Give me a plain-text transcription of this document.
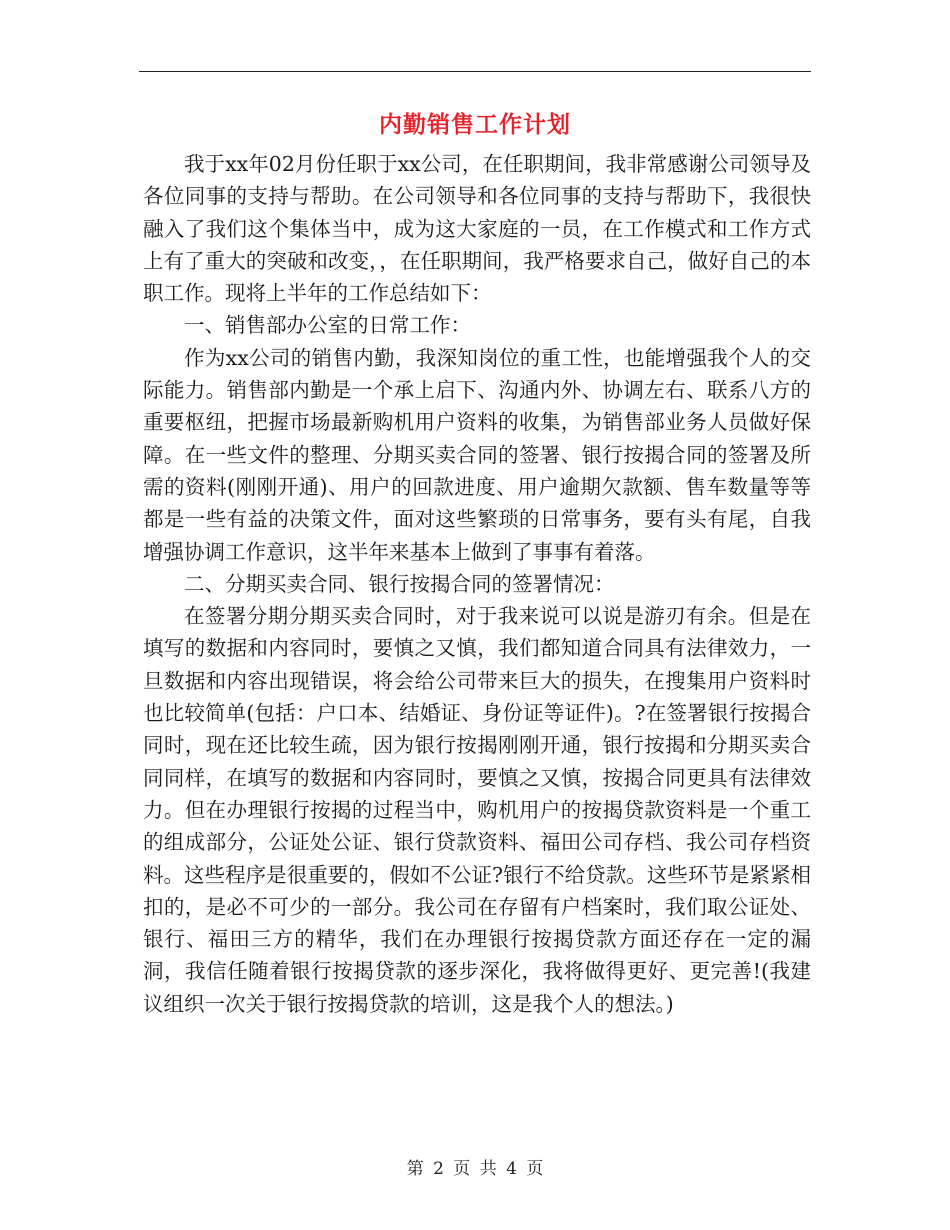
内勤销售工作计划

我于xx年02月份任职于xx公司，在任职期间，我非常感谢公司领导及各位同事的支持与帮助。在公司领导和各位同事的支持与帮助下，我很快融入了我们这个集体当中，成为这大家庭的一员，在工作模式和工作方式上有了重大的突破和改变，，在任职期间，我严格要求自己，做好自己的本职工作。现将上半年的工作总结如下：

一、销售部办公室的日常工作：

作为xx公司的销售内勤，我深知岗位的重工性，也能增强我个人的交际能力。销售部内勤是一个承上启下、沟通内外、协调左右、联系八方的重要枢纽，把握市场最新购机用户资料的收集，为销售部业务人员做好保障。在一些文件的整理、分期买卖合同的签署、银行按揭合同的签署及所需的资料(刚刚开通)、用户的回款进度、用户逾期欠款额、售车数量等等都是一些有益的决策文件，面对这些繁琐的日常事务，要有头有尾，自我增强协调工作意识，这半年来基本上做到了事事有着落。

二、分期买卖合同、银行按揭合同的签署情况：

在签署分期分期买卖合同时，对于我来说可以说是游刃有余。但是在填写的数据和内容同时，要慎之又慎，我们都知道合同具有法律效力，一旦数据和内容出现错误，将会给公司带来巨大的损失，在搜集用户资料时也比较简单(包括：户口本、结婚证、身份证等证件)。?在签署银行按揭合同时，现在还比较生疏，因为银行按揭刚刚开通，银行按揭和分期买卖合同同样，在填写的数据和内容同时，要慎之又慎，按揭合同更具有法律效力。但在办理银行按揭的过程当中，购机用户的按揭贷款资料是一个重工的组成部分，公证处公证、银行贷款资料、福田公司存档、我公司存档资料。这些程序是很重要的，假如不公证?银行不给贷款。这些环节是紧紧相扣的，是必不可少的一部分。我公司在存留有户档案时，我们取公证处、银行、福田三方的精华，我们在办理银行按揭贷款方面还存在一定的漏洞，我信任随着银行按揭贷款的逐步深化，我将做得更好、更完善!(我建议组织一次关于银行按揭贷款的培训，这是我个人的想法。)

第 2 页 共 4 页
